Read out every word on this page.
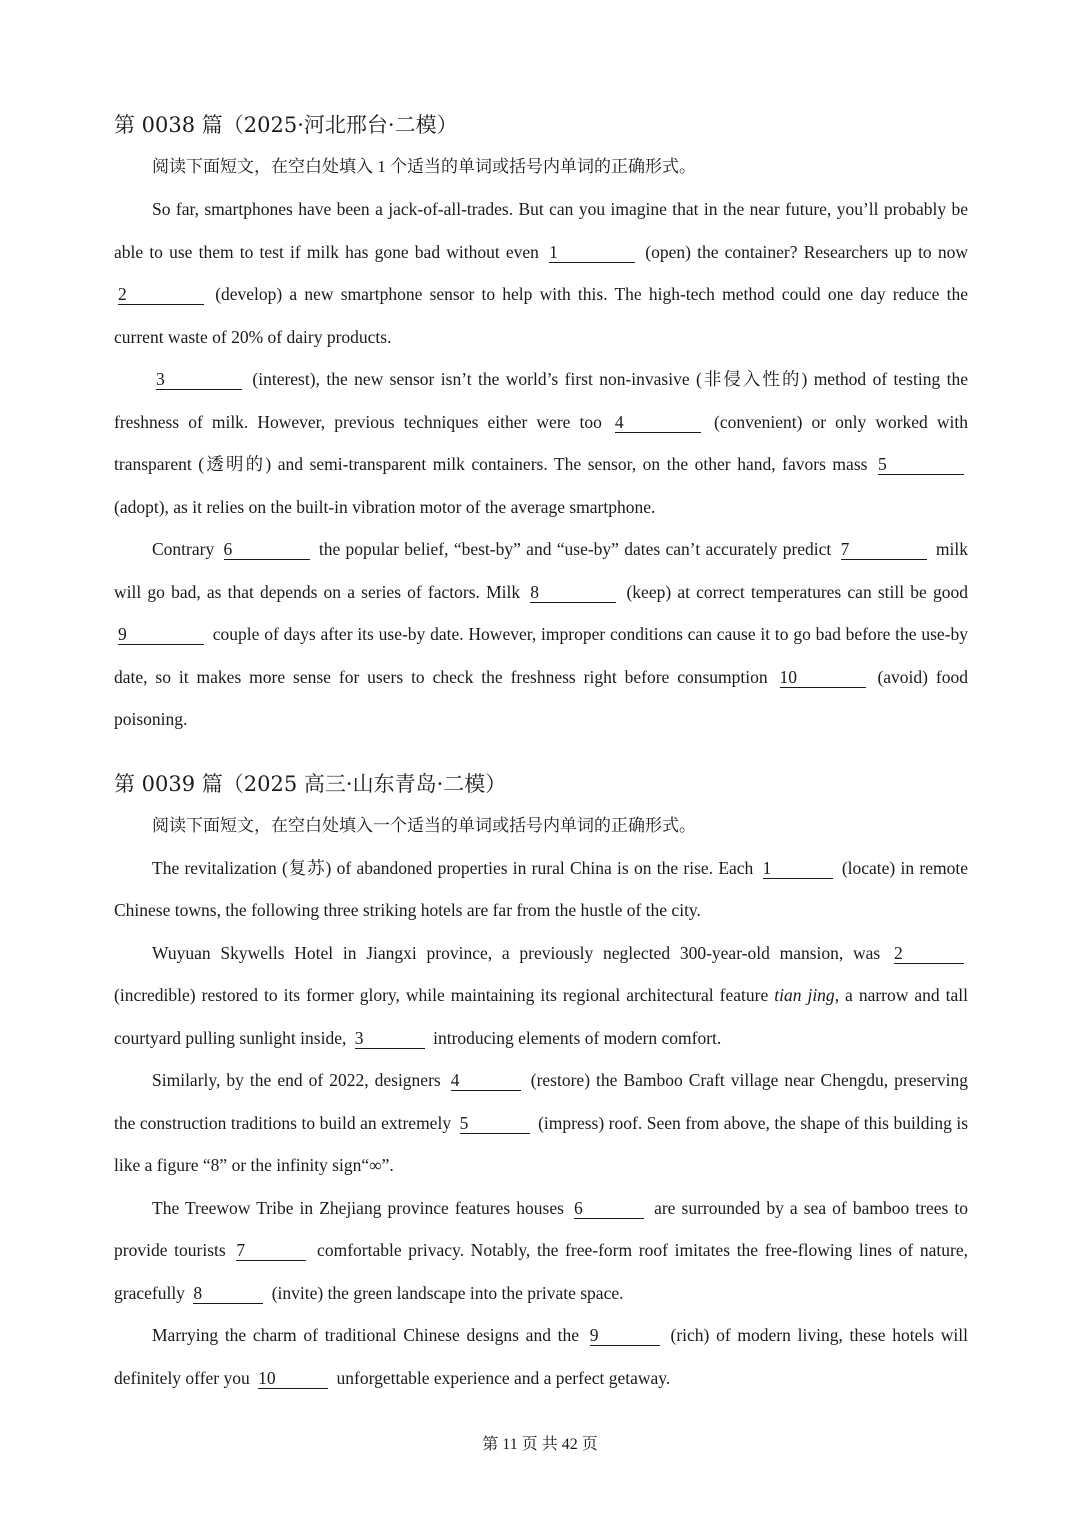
第 0038 篇（2025·河北邢台·二模）
阅读下面短文，在空白处填入 1 个适当的单词或括号内单词的正确形式。
So far, smartphones have been a jack-of-all-trades. But can you imagine that in the near future, you’ll probably be able to use them to test if milk has gone bad without even 1	(open) the container? Researchers up to now 2	(develop) a new smartphone sensor to help with this. The high-tech method could one day reduce the current waste of 20% of dairy products.
3	(interest), the new sensor isn’t the world’s first non-invasive (非侵入性的) method of testing the freshness of milk. However, previous techniques either were too 4	(convenient) or only worked with transparent (透明的) and semi-transparent milk containers. The sensor, on the other hand, favors mass 5 (adopt), as it relies on the built-in vibration motor of the average smartphone.
Contrary 6	the popular belief, “best-by” and “use-by” dates can’t accurately predict 7	milk will go bad, as that depends on a series of factors. Milk 8	(keep) at correct temperatures can still be good 9	couple of days after its use-by date. However, improper conditions can cause it to go bad before the use-by date, so it makes more sense for users to check the freshness right before consumption 10	(avoid) food poisoning.
第 0039 篇（2025 高三·山东青岛·二模）
阅读下面短文，在空白处填入一个适当的单词或括号内单词的正确形式。
The revitalization (复苏) of abandoned properties in rural China is on the rise. Each 1	(locate) in remote Chinese towns, the following three striking hotels are far from the hustle of the city.
Wuyuan Skywells Hotel in Jiangxi province, a previously neglected 300-year-old mansion, was 2 (incredible) restored to its former glory, while maintaining its regional architectural feature tian jing, a narrow and tall courtyard pulling sunlight inside, 3	introducing elements of modern comfort.
Similarly, by the end of 2022, designers 4	(restore) the Bamboo Craft village near Chengdu, preserving the construction traditions to build an extremely 5	(impress) roof. Seen from above, the shape of this building is like a figure “8” or the infinity sign“∞”.
The Treewow Tribe in Zhejiang province features houses 6	are surrounded by a sea of bamboo trees to provide tourists 7	comfortable privacy. Notably, the free-form roof imitates the free-flowing lines of nature, gracefully 8	(invite) the green landscape into the private space.
Marrying the charm of traditional Chinese designs and the 9	(rich) of modern living, these hotels will definitely offer you 10	unforgettable experience and a perfect getaway.
第 11 页 共 42 页
